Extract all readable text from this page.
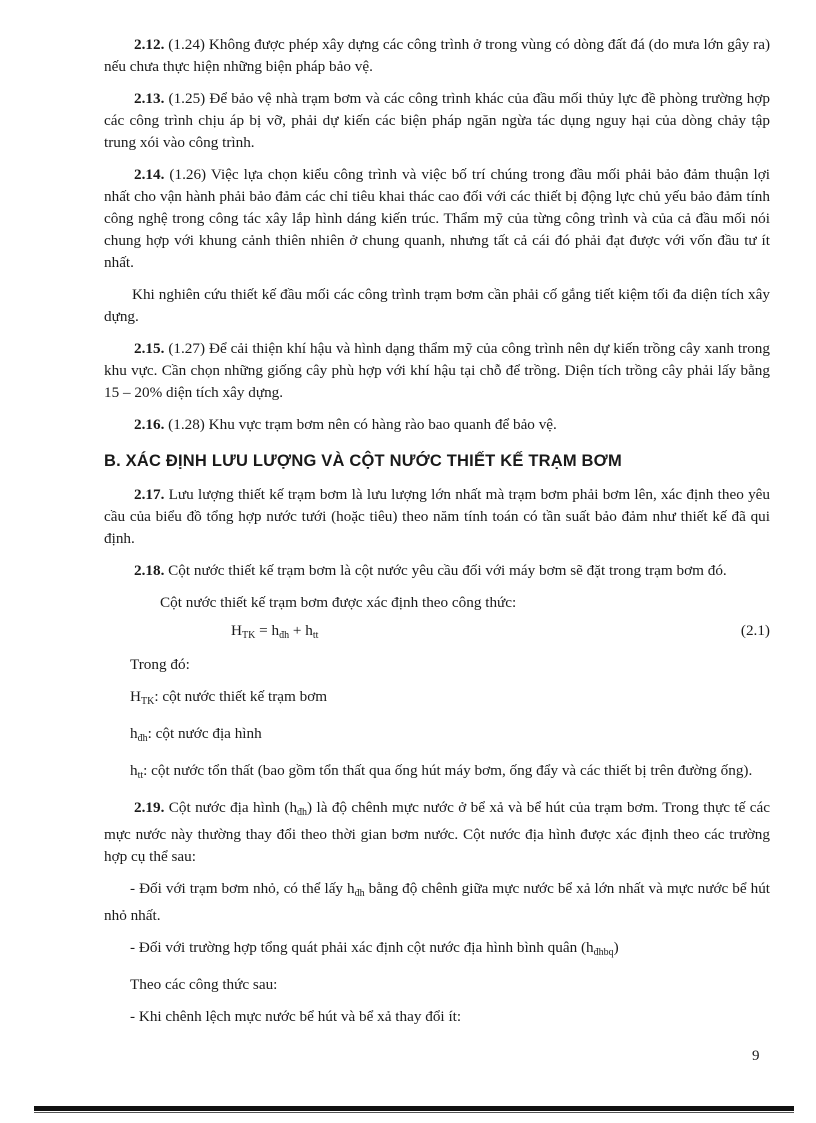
2.12. (1.24) Không được phép xây dựng các công trình ở trong vùng có dòng đất đá (do mưa lớn gây ra) nếu chưa thực hiện những biện pháp bảo vệ.

2.13. (1.25) Để bảo vệ nhà trạm bơm và các công trình khác của đầu mối thủy lực đề phòng trường hợp các công trình chịu áp bị vỡ, phải dự kiến các biện pháp ngăn ngừa tác dụng nguy hại của dòng chảy tập trung xói vào công trình.

2.14. (1.26) Việc lựa chọn kiểu công trình và việc bố trí chúng trong đầu mối phải bảo đảm thuận lợi nhất cho vận hành phải bảo đảm các chỉ tiêu khai thác cao đối với các thiết bị động lực chủ yếu bảo đảm tính công nghệ trong công tác xây lắp hình dáng kiến trúc. Thẩm mỹ của từng công trình và của cả đầu mối nói chung hợp với khung cảnh thiên nhiên ở chung quanh, nhưng tất cả cái đó phải đạt được với vốn đầu tư ít nhất.

Khi nghiên cứu thiết kế đầu mối các công trình trạm bơm cần phải cố gắng tiết kiệm tối đa diện tích xây dựng.

2.15. (1.27) Để cải thiện khí hậu và hình dạng thẩm mỹ của công trình nên dự kiến trồng cây xanh trong khu vực. Cần chọn những giống cây phù hợp với khí hậu tại chỗ để trồng. Diện tích trồng cây phải lấy bằng 15 – 20% diện tích xây dựng.

2.16. (1.28) Khu vực trạm bơm nên có hàng rào bao quanh để bảo vệ.

B. XÁC ĐỊNH LƯU LƯỢNG VÀ CỘT NƯỚC THIẾT KẾ TRẠM BƠM

2.17. Lưu lượng thiết kế trạm bơm là lưu lượng lớn nhất mà trạm bơm phải bơm lên, xác định theo yêu cầu của biểu đồ tổng hợp nước tưới (hoặc tiêu) theo năm tính toán có tần suất bảo đảm như thiết kế đã qui định.

2.18. Cột nước thiết kế trạm bơm là cột nước yêu cầu đối với máy bơm sẽ đặt trong trạm bơm đó.

Cột nước thiết kế trạm bơm được xác định theo công thức:

$H_{TK} = h_{đh} + h_{tt}$	(2.1)

Trong đó:

$H_{TK}$: cột nước thiết kế trạm bơm

$h_{đh}$: cột nước địa hình

$h_{tt}$: cột nước tổn thất (bao gồm tổn thất qua ống hút máy bơm, ống đẩy và các thiết bị trên đường ống).

2.19. Cột nước địa hình $(h_{đh})$ là độ chênh mực nước ở bể xả và bể hút của trạm bơm. Trong thực tế các mực nước này thường thay đổi theo thời gian bơm nước. Cột nước địa hình được xác định theo các trường hợp cụ thể sau:

- Đối với trạm bơm nhỏ, có thể lấy $h_{đh}$ bằng độ chênh giữa mực nước bể xả lớn nhất và mực nước bể hút nhỏ nhất.

- Đối với trường hợp tổng quát phải xác định cột nước địa hình bình quân $(h_{đhbq})$

Theo các công thức sau:

- Khi chênh lệch mực nước bể hút và bể xả thay đổi ít:

9
